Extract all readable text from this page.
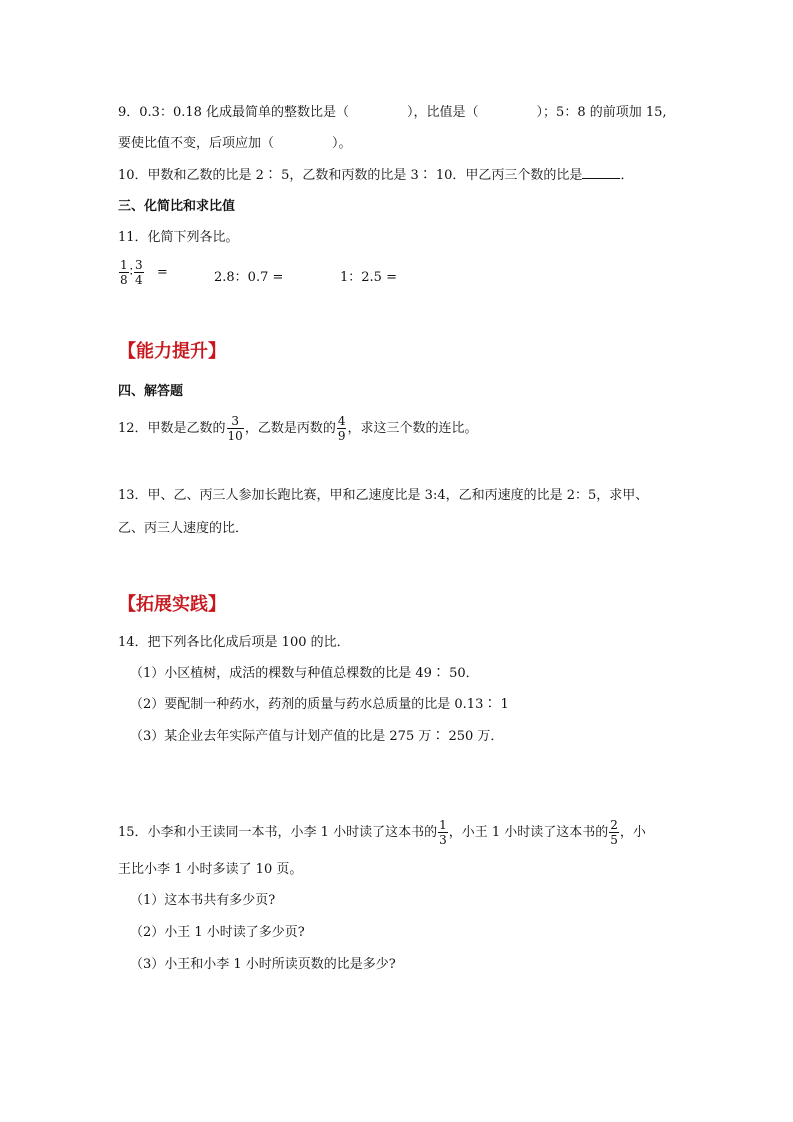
9．0.3：0.18 化成最简单的整数比是（	），比值是（	）；5：8 的前项加 15,
要使比值不变，后项应加（	）。
10．甲数和乙数的比是 2∶ 5，乙数和丙数的比是 3∶ 10．甲乙丙三个数的比是	．
三、化简比和求比值
11．化简下列各比。
$\frac{1}{8}$ ∶ $\frac{3}{4}$ =	2.8：0.7 =	1：2.5 =
【能力提升】
四、解答题
12．甲数是乙数的 $\frac{3}{10}$ ，乙数是丙数的 $\frac{4}{9}$ ，求这三个数的连比。
13．甲、乙、丙三人参加长跑比赛，甲和乙速度比是 3:4，乙和丙速度的比是 2：5，求甲、
乙、丙三人速度的比．
【拓展实践】
14．把下列各比化成后项是 100 的比．
（1）小区植树，成活的棵数与种值总棵数的比是 49∶ 50．
（2）要配制一种药水，药剂的质量与药水总质量的比是 0.13∶ 1
（3）某企业去年实际产值与计划产值的比是 275 万∶ 250 万．
15．小李和小王读同一本书，小李 1 小时读了这本书的 $\frac{1}{3}$ ，小王 1 小时读了这本书的 $\frac{2}{5}$ ，小
王比小李 1 小时多读了 10 页。
（1）这本书共有多少页?
（2）小王 1 小时读了多少页?
（3）小王和小李 1 小时所读页数的比是多少?
